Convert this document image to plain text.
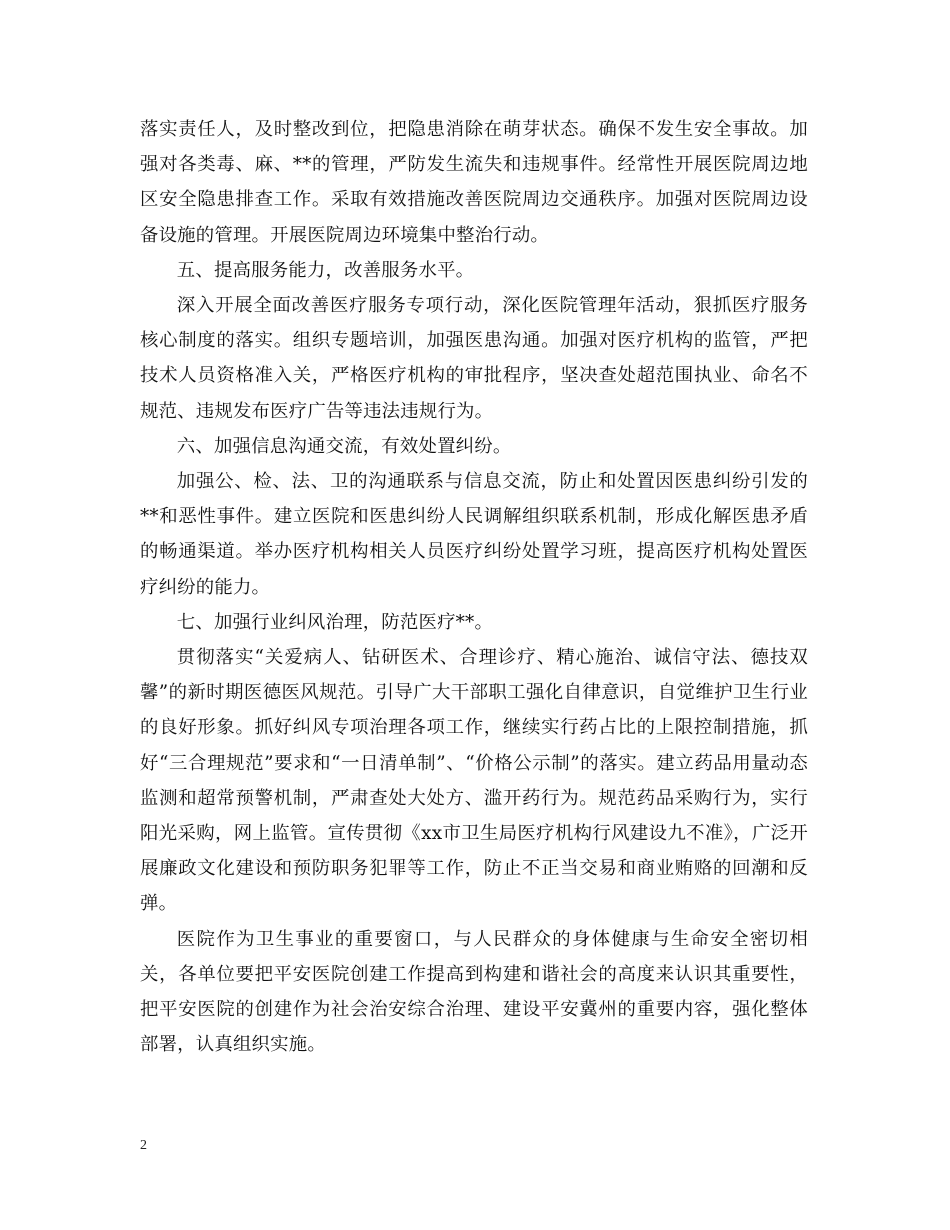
落实责任人，及时整改到位，把隐患消除在萌芽状态。确保不发生安全事故。加强对各类毒、麻、**的管理，严防发生流失和违规事件。经常性开展医院周边地区安全隐患排查工作。采取有效措施改善医院周边交通秩序。加强对医院周边设备设施的管理。开展医院周边环境集中整治行动。

五、提高服务能力，改善服务水平。

深入开展全面改善医疗服务专项行动，深化医院管理年活动，狠抓医疗服务核心制度的落实。组织专题培训，加强医患沟通。加强对医疗机构的监管，严把技术人员资格准入关，严格医疗机构的审批程序，坚决查处超范围执业、命名不规范、违规发布医疗广告等违法违规行为。

六、加强信息沟通交流，有效处置纠纷。

加强公、检、法、卫的沟通联系与信息交流，防止和处置因医患纠纷引发的**和恶性事件。建立医院和医患纠纷人民调解组织联系机制，形成化解医患矛盾的畅通渠道。举办医疗机构相关人员医疗纠纷处置学习班，提高医疗机构处置医疗纠纷的能力。

七、加强行业纠风治理，防范医疗**。

贯彻落实“关爱病人、钻研医术、合理诊疗、精心施治、诚信守法、德技双馨”的新时期医德医风规范。引导广大干部职工强化自律意识，自觉维护卫生行业的良好形象。抓好纠风专项治理各项工作，继续实行药占比的上限控制措施，抓好“三合理规范”要求和“一日清单制”、“价格公示制”的落实。建立药品用量动态监测和超常预警机制，严肃查处大处方、滥开药行为。规范药品采购行为，实行阳光采购，网上监管。宣传贯彻《xx市卫生局医疗机构行风建设九不准》，广泛开展廉政文化建设和预防职务犯罪等工作，防止不正当交易和商业贿赂的回潮和反弹。

医院作为卫生事业的重要窗口，与人民群众的身体健康与生命安全密切相关，各单位要把平安医院创建工作提高到构建和谐社会的高度来认识其重要性，把平安医院的创建作为社会治安综合治理、建设平安冀州的重要内容，强化整体部署，认真组织实施。

2
